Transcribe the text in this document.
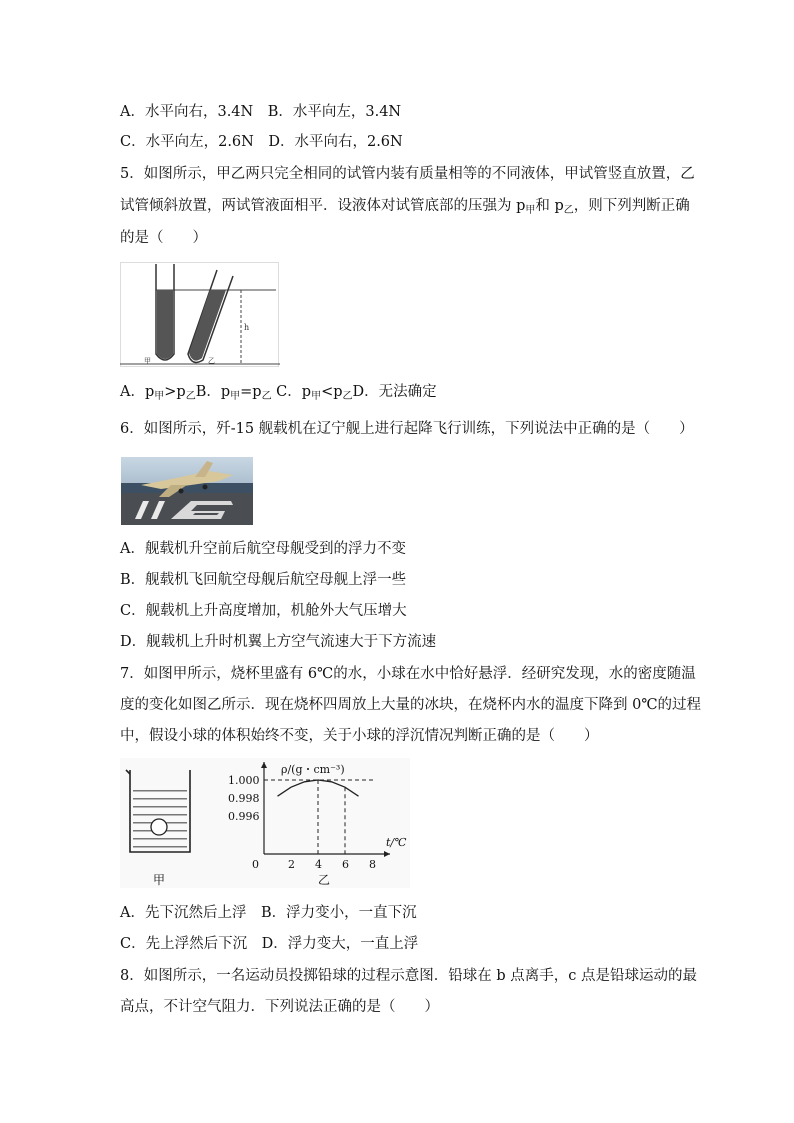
A．水平向右，3.4N　B．水平向左，3.4N
C．水平向左，2.6N　D．水平向右，2.6N
5．如图所示，甲乙两只完全相同的试管内装有质量相等的不同液体，甲试管竖直放置，乙
试管倾斜放置，两试管液面相平．设液体对试管底部的压强为 $p_甲$和 $p_乙$，则下列判断正确
的是（　　）
h
甲	乙
A．$p_甲>p_乙B$．$p_甲=p_乙$ C．$p_甲<p_乙D$．无法确定
6．如图所示，歼-15 舰载机在辽宁舰上进行起降飞行训练，下列说法中正确的是（　　）
A．舰载机升空前后航空母舰受到的浮力不变
B．舰载机飞回航空母舰后航空母舰上浮一些
C．舰载机上升高度增加，机舱外大气压增大
D．舰载机上升时机翼上方空气流速大于下方流速
7．如图甲所示，烧杯里盛有 6℃的水，小球在水中恰好悬浮．经研究发现，水的密度随温
度的变化如图乙所示．现在烧杯四周放上大量的冰块，在烧杯内水的温度下降到 0℃的过程
中，假设小球的体积始终不变，关于小球的浮沉情况判断正确的是（　　）
甲
ρ/(g・cm⁻³)
t/℃
1.000
0.998
0.996
0	2 4 6 8
乙
A．先下沉然后上浮　B．浮力变小，一直下沉
C．先上浮然后下沉　D．浮力变大，一直上浮
8．如图所示，一名运动员投掷铅球的过程示意图．铅球在 b 点离手，c 点是铅球运动的最
高点，不计空气阻力．下列说法正确的是（　　）
